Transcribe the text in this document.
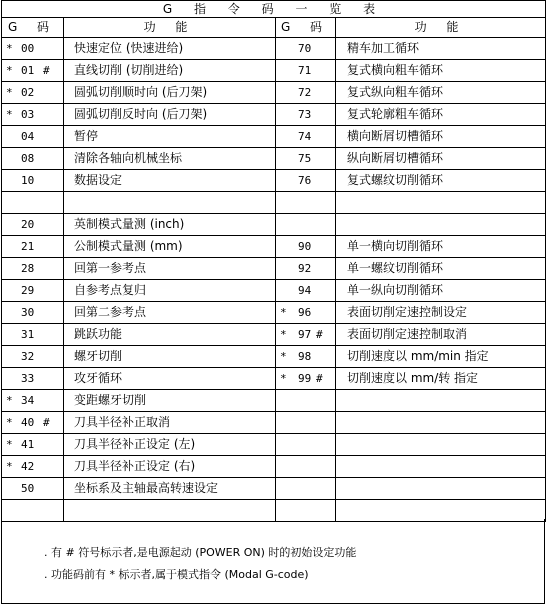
G 指 令 码 一 览 表			
G 码	功 能	G 码	功 能

* 00	快速定位 (快速进给)	70	精车加工循环

* 01 #	直线切削 (切削进给)	71	复式横向粗车循环

* 02	圆弧切削顺时向 (后刀架)	72	复式纵向粗车循环

* 03	圆弧切削反时向 (后刀架)	73	复式轮廓粗车循环

04	暂停	74	横向断屑切槽循环

08	清除各轴向机械坐标	75	纵向断屑切槽循环

10	数据设定	76	复式螺纹切削循环

20	英制模式量测 (inch)	

21	公制模式量测 (mm)	90	单一横向切削循环

28	回第一参考点	92	单一螺纹切削循环

29	自参考点复归	94	单一纵向切削循环

30	回第二参考点	* 96	表面切削定速控制设定

31	跳跃功能	* 97 #	表面切削定速控制取消

32	螺牙切削	* 98	切削速度以 mm/min 指定

33	攻牙循环	* 99 #	切削速度以 mm/转 指定

* 34	变距螺牙切削	

* 40 #	刀具半径补正取消	

* 41	刀具半径补正设定 (左)	

* 42	刀具半径补正设定 (右)	

50	坐标系及主轴最高转速设定	

. 有 # 符号标示者,是电源起动 (POWER ON) 时的初始设定功能
. 功能码前有 * 标示者,属于模式指令 (Modal G-code)
